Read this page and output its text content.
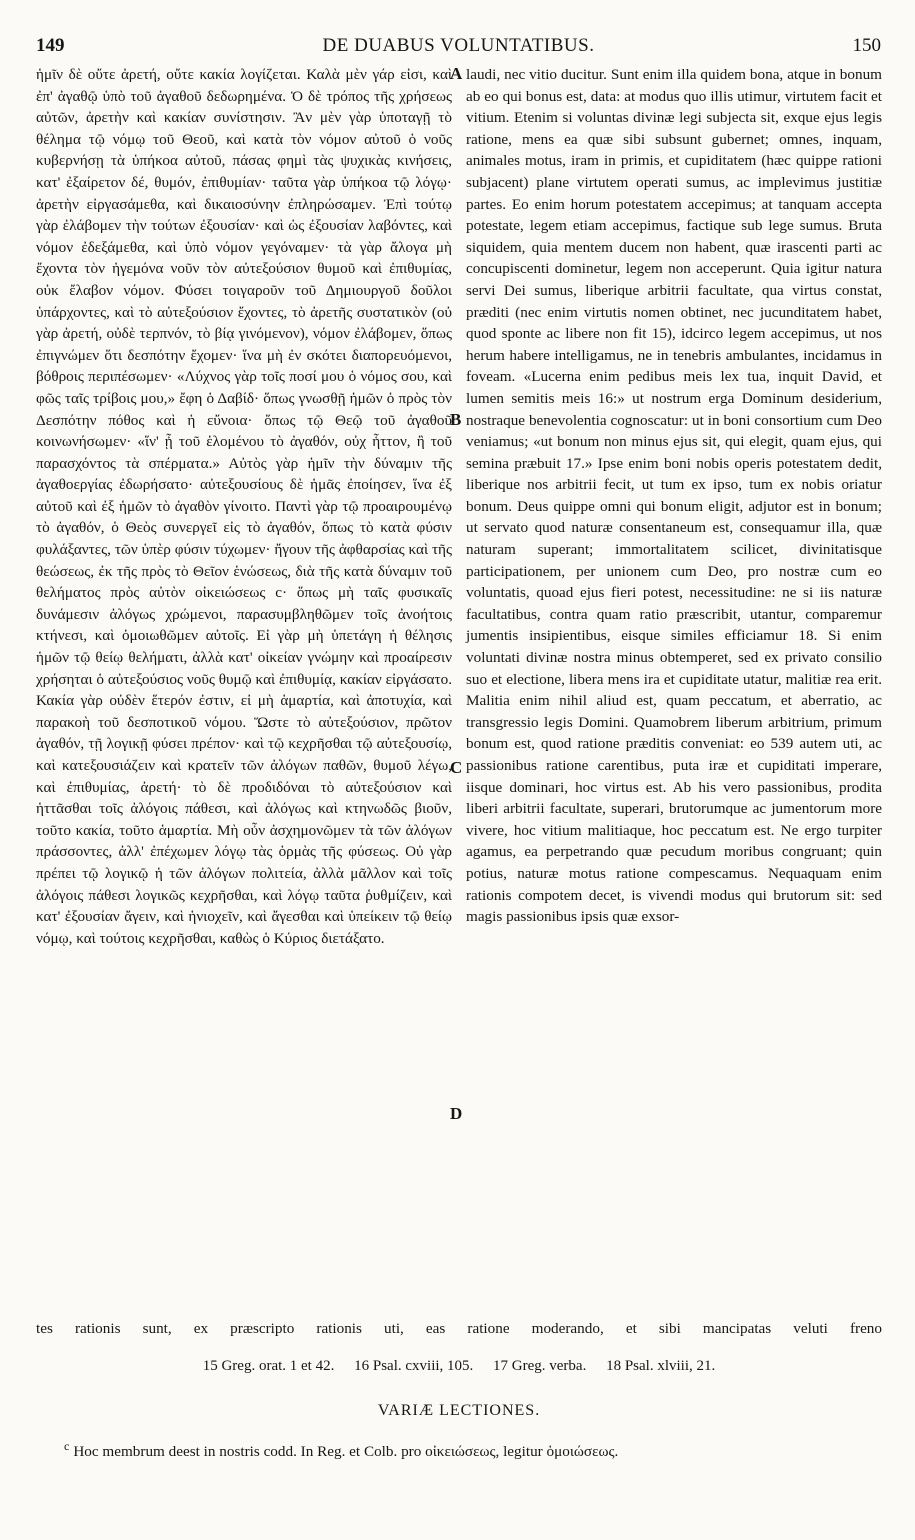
149	DE DUABUS VOLUNTATIBUS.	150

ἡμῖν δὲ οὔτε ἀρετή, οὔτε κακία λογίζεται. Καλὰ μὲν γάρ εἰσι, καὶ ἐπ' ἀγαθῷ ὑπὸ τοῦ ἀγαθοῦ δεδωρημένα. Ὁ δὲ τρόπος τῆς χρήσεως αὐτῶν, ἀρετὴν καὶ κακίαν συνίστησιν. Ἂν μὲν γὰρ ὑποταγῇ τὸ θέλημα τῷ νόμῳ τοῦ Θεοῦ, καὶ κατὰ τὸν νόμον αὐτοῦ ὁ νοῦς κυβερνήσῃ τὰ ὑπήκοα αὐτοῦ, πάσας φημὶ τὰς ψυχικὰς κινήσεις, κατ' ἐξαίρετον δέ, θυμόν, ἐπιθυμίαν· ταῦτα γὰρ ὑπήκοα τῷ λόγῳ· ἀρετὴν εἰργασάμεθα, καὶ δικαιοσύνην ἐπληρώσαμεν. Ἐπὶ τούτῳ γὰρ ἐλάβομεν τὴν τούτων ἐξουσίαν· καὶ ὡς ἐξουσίαν λαβόντες, καὶ νόμον ἐδεξάμεθα, καὶ ὑπὸ νόμον γεγόναμεν· τὰ γὰρ ἄλογα μὴ ἔχοντα τὸν ἡγεμόνα νοῦν τὸν αὐτεξούσιον θυμοῦ καὶ ἐπιθυμίας, οὐκ ἔλαβον νόμον. Φύσει τοιγαροῦν τοῦ Δημιουργοῦ δοῦλοι ὑπάρχοντες, καὶ τὸ αὐτεξούσιον ἔχοντες, τὸ ἀρετῆς συστατικὸν (οὐ γὰρ ἀρετή, οὐδὲ τερπνόν, τὸ βίᾳ γινόμενον), νόμον ἐλάβομεν, ὅπως ἐπιγνώμεν ὅτι δεσπότην ἔχομεν· ἵνα μὴ ἐν σκότει διαπορευόμενοι, βόθροις περιπέσωμεν· «Λύχνος γὰρ τοῖς ποσί μου ὁ νόμος σου, καὶ φῶς ταῖς τρίβοις μου,» ἔφη ὁ Δαβίδ· ὅπως γνωσθῇ ἡμῶν ὁ πρὸς τὸν Δεσπότην πόθος καὶ ἡ εὔνοια· ὅπως τῷ Θεῷ τοῦ ἀγαθοῦ κοινωνήσωμεν· «ἵν' ᾖ τοῦ ἑλομένου τὸ ἀγαθόν, οὐχ ἧττον, ἢ τοῦ παρασχόντος τὰ σπέρματα.» Αὐτὸς γὰρ ἡμῖν τὴν δύναμιν τῆς ἀγαθοεργίας ἐδωρήσατο· αὐτεξουσίους δὲ ἡμᾶς ἐποίησεν, ἵνα ἐξ αὐτοῦ καὶ ἐξ ἡμῶν τὸ ἀγαθὸν γίνοιτο. Παντὶ γὰρ τῷ προαιρουμένῳ τὸ ἀγαθόν, ὁ Θεὸς συνεργεῖ εἰς τὸ ἀγαθόν, ὅπως τὸ κατὰ φύσιν φυλάξαντες, τῶν ὑπὲρ φύσιν τύχωμεν· ἤγουν τῆς ἀφθαρσίας καὶ τῆς θεώσεως, ἐκ τῆς πρὸς τὸ Θεῖον ἑνώσεως, διὰ τῆς κατὰ δύναμιν τοῦ θελήματος πρὸς αὐτὸν οἰκειώσεως c· ὅπως μὴ ταῖς φυσικαῖς δυνάμεσιν ἀλόγως χρώμενοι, παρασυμβληθῶμεν τοῖς ἀνοήτοις κτήνεσι, καὶ ὁμοιωθῶμεν αὐτοῖς. Εἰ γὰρ μὴ ὑπετάγη ἡ θέλησις ἡμῶν τῷ θείῳ θελήματι, ἀλλὰ κατ' οἰκείαν γνώμην καὶ προαίρεσιν χρήσηται ὁ αὐτεξούσιος νοῦς θυμῷ καὶ ἐπιθυμίᾳ, κακίαν εἰργάσατο. Κακία γὰρ οὐδὲν ἕτερόν ἐστιν, εἰ μὴ ἁμαρτία, καὶ ἀποτυχία, καὶ παρακοὴ τοῦ δεσποτικοῦ νόμου. Ὥστε τὸ αὐτεξούσιον, πρῶτον ἀγαθόν, τῇ λογικῇ φύσει πρέπον· καὶ τῷ κεχρῆσθαι τῷ αὐτεξουσίῳ, καὶ κατεξουσιάζειν καὶ κρατεῖν τῶν ἀλόγων παθῶν, θυμοῦ λέγω, καὶ ἐπιθυμίας, ἀρετή· τὸ δὲ προδιδόναι τὸ αὐτεξούσιον καὶ ἡττᾶσθαι τοῖς ἀλόγοις πάθεσι, καὶ ἀλόγως καὶ κτηνωδῶς βιοῦν, τοῦτο κακία, τοῦτο ἁμαρτία. Μὴ οὖν ἀσχημονῶμεν τὰ τῶν ἀλόγων πράσσοντες, ἀλλ' ἐπέχωμεν λόγῳ τὰς ὁρμὰς τῆς φύσεως. Οὐ γὰρ πρέπει τῷ λογικῷ ἡ τῶν ἀλόγων πολιτεία, ἀλλὰ μᾶλλον καὶ τοῖς ἀλόγοις πάθεσι λογικῶς κεχρῆσθαι, καὶ λόγῳ ταῦτα ῥυθμίζειν, καὶ κατ' ἐξουσίαν ἄγειν, καὶ ἡνιοχεῖν, καὶ ἄγεσθαι καὶ ὑπείκειν τῷ θείῳ νόμῳ, καὶ τούτοις κεχρῆσθαι, καθὼς ὁ Κύριος διετάξατο.

A
B
C
D

laudi, nec vitio ducitur. Sunt enim illa quidem bona, atque in bonum ab eo qui bonus est, data: at modus quo illis utimur, virtutem facit et vitium. Etenim si voluntas divinæ legi subjecta sit, exque ejus legis ratione, mens ea quæ sibi subsunt gubernet; omnes, inquam, animales motus, iram in primis, et cupiditatem (hæc quippe rationi subjacent) plane virtutem operati sumus, ac implevimus justitiæ partes. Eo enim horum potestatem accepimus; at tanquam accepta potestate, legem etiam accepimus, factique sub lege sumus. Bruta siquidem, quia mentem ducem non habent, quæ irascenti parti ac concupiscenti dominetur, legem non acceperunt. Quia igitur natura servi Dei sumus, liberique arbitrii facultate, qua virtus constat, præditi (nec enim virtutis nomen obtinet, nec jucunditatem habet, quod sponte ac libere non fit 15), idcirco legem accepimus, ut nos herum habere intelligamus, ne in tenebris ambulantes, incidamus in foveam. «Lucerna enim pedibus meis lex tua, inquit David, et lumen semitis meis 16:» ut nostrum erga Dominum desiderium, nostraque benevolentia cognoscatur: ut in boni consortium cum Deo veniamus; «ut bonum non minus ejus sit, qui elegit, quam ejus, qui semina præbuit 17.» Ipse enim boni nobis operis potestatem dedit, liberique nos arbitrii fecit, ut tum ex ipso, tum ex nobis oriatur bonum. Deus quippe omni qui bonum eligit, adjutor est in bonum; ut servato quod naturæ consentaneum est, consequamur illa, quæ naturam superant; immortalitatem scilicet, divinitatisque participationem, per unionem cum Deo, pro nostræ cum eo voluntatis, quoad ejus fieri potest, necessitudine: ne si iis naturæ facultatibus, contra quam ratio præscribit, utantur, comparemur jumentis insipientibus, eisque similes efficiamur 18. Si enim voluntati divinæ nostra minus obtemperet, sed ex privato consilio suo et electione, libera mens ira et cupiditate utatur, malitiæ rea erit. Malitia enim nihil aliud est, quam peccatum, et aberratio, ac transgressio legis Domini. Quamobrem liberum arbitrium, primum bonum est, quod ratione præditis conveniat: eo 539 autem uti, ac passionibus ratione carentibus, puta iræ et cupiditati imperare, iisque dominari, hoc virtus est. Ab his vero passionibus, prodita liberi arbitrii facultate, superari, brutorumque ac jumentorum more vivere, hoc vitium malitiaque, hoc peccatum est. Ne ergo turpiter agamus, ea perpetrando quæ pecudum moribus congruant; quin potius, naturæ motus ratione compescamus. Nequaquam enim rationis compotem decet, is vivendi modus qui brutorum sit: sed magis passionibus ipsis quæ exsor-

tes rationis sunt, ex præscripto rationis uti, eas ratione moderando, et sibi mancipatas veluti freno
15 Greg. orat. 1 et 42. 16 Psal. cxviii, 105. 17 Greg. verba. 18 Psal. xlviii, 21.
VARIÆ LECTIONES.
$^c$ Hoc membrum deest in nostris codd. In Reg. et Colb. pro οἰκειώσεως, legitur ὁμοιώσεως.
